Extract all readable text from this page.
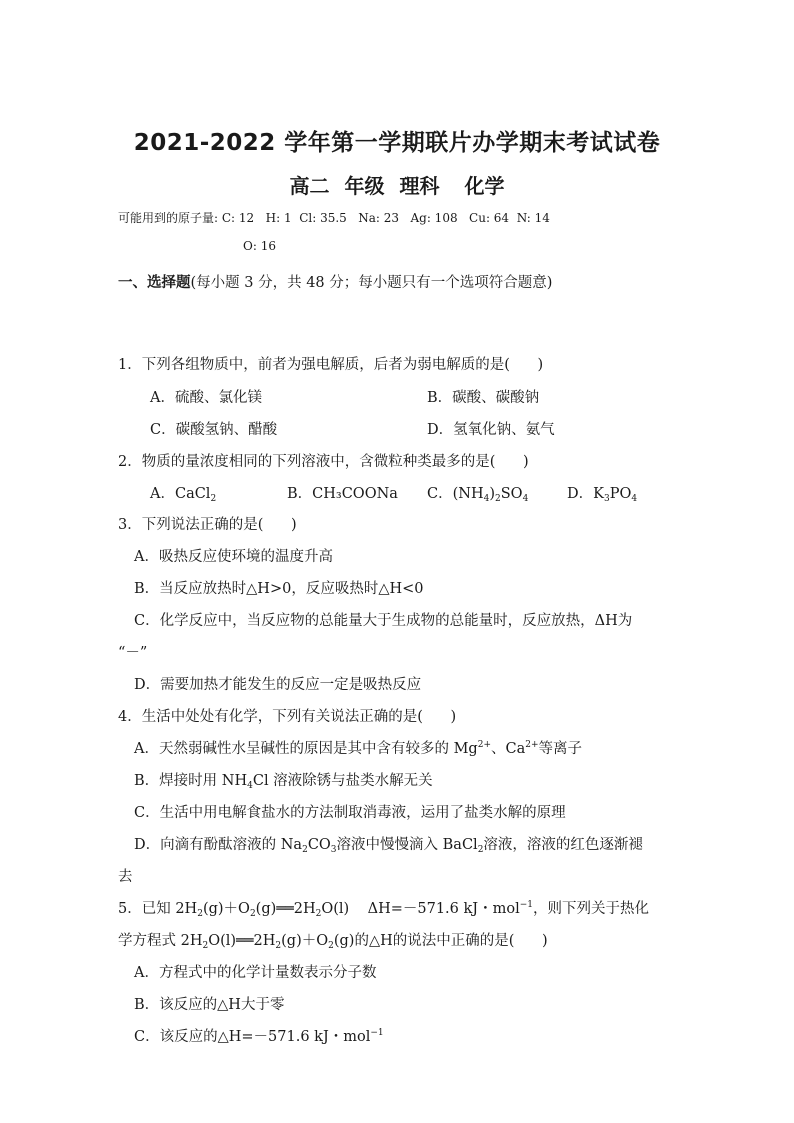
2021-2022 学年第一学期联片办学期末考试试卷
高二 年级 理科 化学
可能用到的原子量: C: 12   H: 1  Cl: 35.5   Na: 23   Ag: 108   Cu: 64  N: 14
O: 16
一、选择题(每小题 3 分，共 48 分；每小题只有一个选项符合题意)
1．下列各组物质中，前者为强电解质，后者为弱电解质的是(      )
A．硫酸、氯化镁	B．碳酸、碳酸钠
C．碳酸氢钠、醋酸	D．氢氧化钠、氨气
2．物质的量浓度相同的下列溶液中，含微粒种类最多的是(      )
A．CaCl$_2$	B．CH₃COONa C．$(NH_4)_2SO_4$	D．$K_3PO_4$
3．下列说法正确的是(      )
A．吸热反应使环境的温度升高
B．当反应放热时△H>0，反应吸热时△H<0
C．化学反应中，当反应物的总能量大于生成物的总能量时，反应放热，ΔH为
“－”
D．需要加热才能发生的反应一定是吸热反应
4．生活中处处有化学，下列有关说法正确的是(      )
A．天然弱碱性水呈碱性的原因是其中含有较多的 $Mg^{2+}$、$Ca^{2+}$等离子
B．焊接时用 $NH_4Cl$ 溶液除锈与盐类水解无关
C．生活中用电解食盐水的方法制取消毒液，运用了盐类水解的原理
D．向滴有酚酞溶液的 $Na_2CO_3$溶液中慢慢滴入 BaCl$_2$溶液，溶液的红色逐渐褪
去
5．已知 $2H_2(g)+O_2(g)══2H_2O(l)$    ΔH=－571.6 kJ・mol$^{-1}$，则下列关于热化
学方程式 $2H_2O(l)══2H_2(g)+O_2(g)$的△H的说法中正确的是(      )
A．方程式中的化学计量数表示分子数
B．该反应的△H大于零
C．该反应的△H=－571.6 kJ・mol$^{-1}$
